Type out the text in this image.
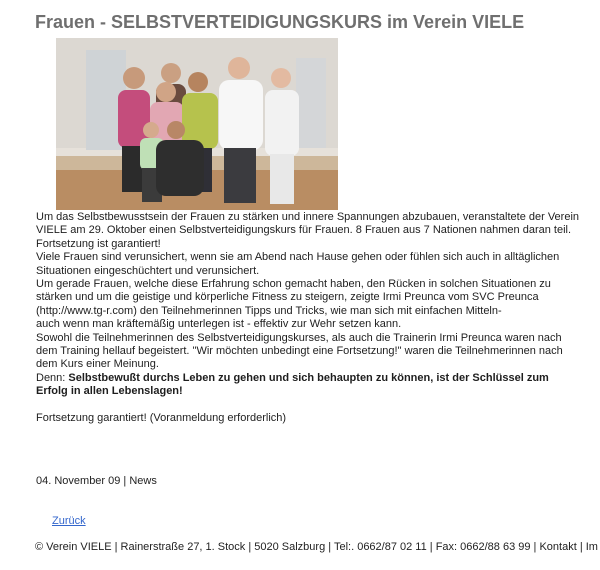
Frauen - SELBSTVERTEIDIGUNGSKURS im Verein VIELE

Um das Selbstbewusstsein der Frauen zu stärken und innere Spannungen abzubauen, veranstaltete der Verein

VIELE am 29. Oktober einen Selbstverteidigungskurs für Frauen. 8 Frauen aus 7 Nationen nahmen daran teil.

Fortsetzung ist garantiert!

Viele Frauen sind verunsichert, wenn sie am Abend nach Hause gehen oder fühlen sich auch in alltäglichen

Situationen eingeschüchtert und verunsichert.

Um gerade Frauen, welche diese Erfahrung schon gemacht haben, den Rücken in solchen Situationen zu

stärken und um die geistige und körperliche Fitness zu steigern, zeigte Irmi Preunca vom SVC Preunca

(http://www.tg-r.com) den Teilnehmerinnen Tipps und Tricks, wie man sich mit einfachen Mitteln-

auch wenn man kräftemäßig unterlegen ist - effektiv zur Wehr setzen kann.

Sowohl die Teilnehmerinnen des Selbstverteidigungskurses, als auch die Trainerin Irmi Preunca waren nach

dem Training hellauf begeistert. "Wir möchten unbedingt eine Fortsetzung!" waren die Teilnehmerinnen nach

dem Kurs einer Meinung.

Denn: Selbstbewußt durchs Leben zu gehen und sich behaupten zu können, ist der Schlüssel zum

Erfolg in allen Lebenslagen!

Fortsetzung garantiert! (Voranmeldung erforderlich)

04. November 09 | News
Zurück
© Verein VIELE | Rainerstraße 27, 1. Stock | 5020 Salzburg | Tel:. 0662/87 02 11 | Fax: 0662/88 63 99 | Kontakt | Im
